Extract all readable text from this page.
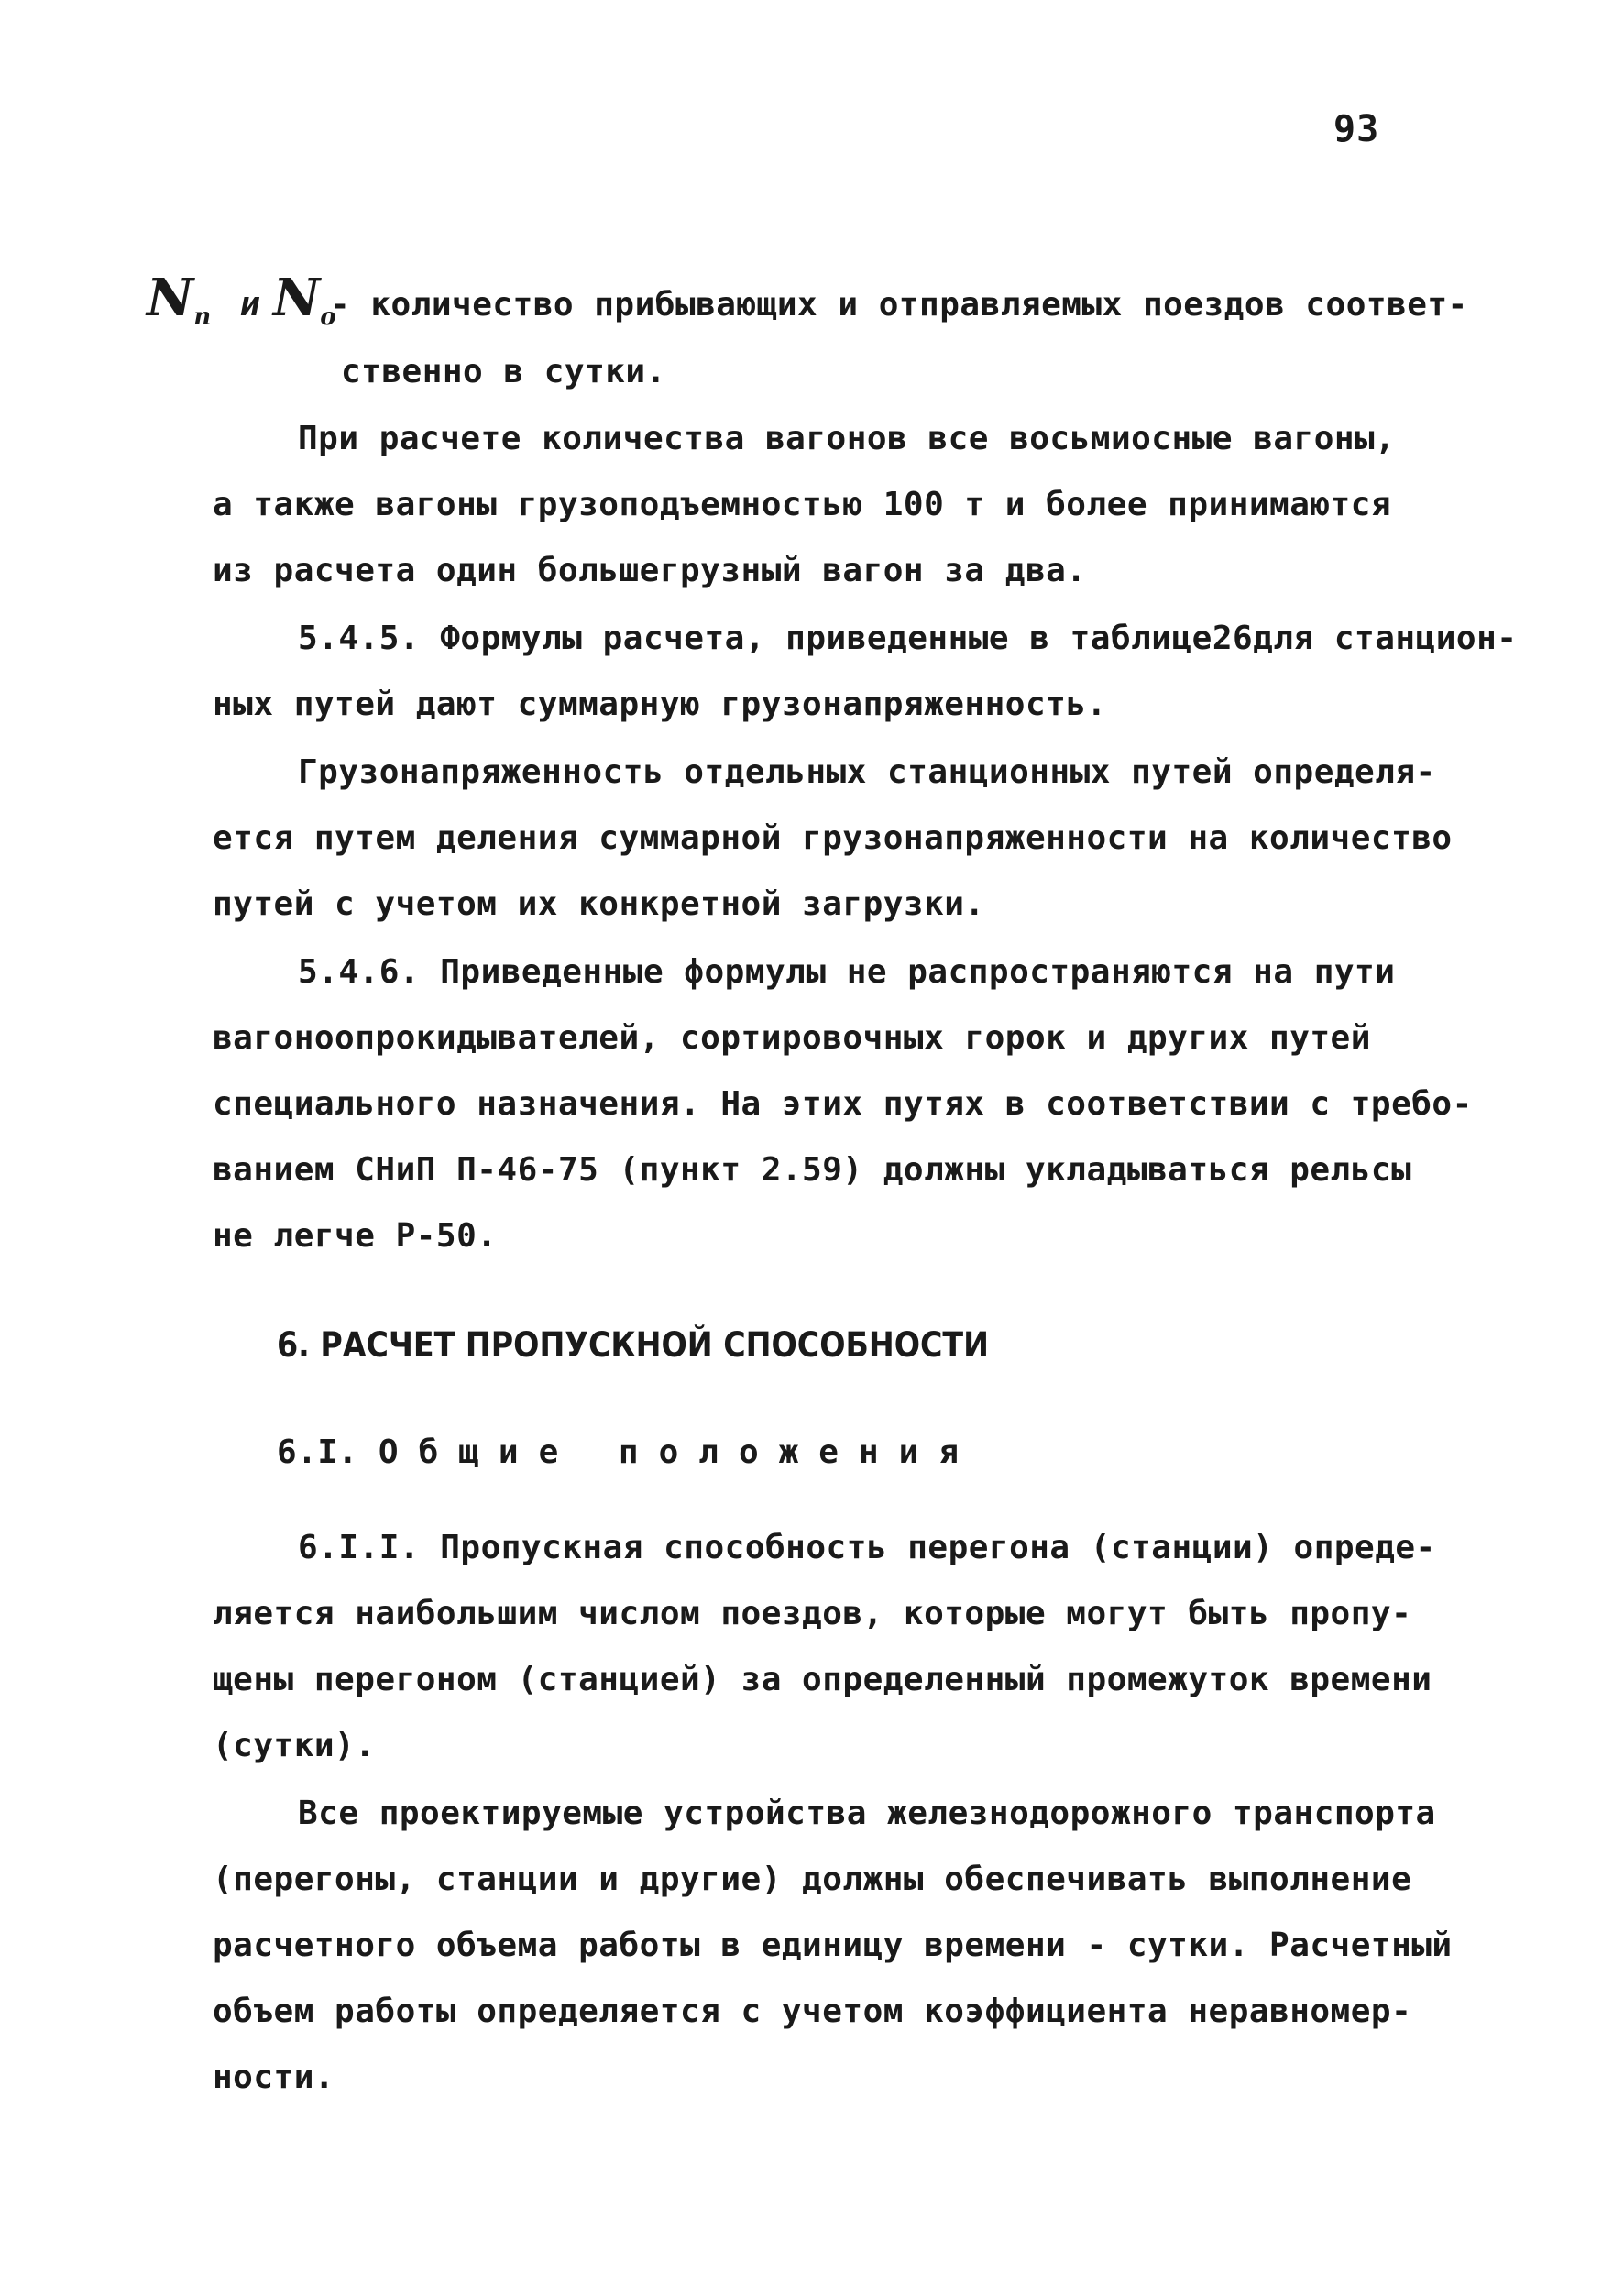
93
$N_п$ и $N_о$
- количество прибывающих и отправляемых поездов соответ-
ственно в сутки.
При расчете количества вагонов все восьмиосные вагоны,
а также вагоны грузоподъемностью 100 т и более принимаются
из расчета один большегрузный вагон за два.
5.4.5. Формулы расчета, приведенные в таблице26для станцион-
ных путей дают суммарную грузонапряженность.
Грузонапряженность отдельных станционных путей определя-
ется путем деления суммарной грузонапряженности на количество
путей с учетом их конкретной загрузки.
5.4.6. Приведенные формулы не распространяются на пути
вагоноопрокидывателей, сортировочных горок и других путей
специального назначения. На этих путях в соответствии с требо-
ванием СНиП П-46-75 (пункт 2.59) должны укладываться рельсы
не легче Р-50.
6. РАСЧЕТ ПРОПУСКНОЙ СПОСОБНОСТИ
6.I. Общие положения
6.I.I. Пропускная способность перегона (станции) опреде-
ляется наибольшим числом поездов, которые могут быть пропу-
щены перегоном (станцией) за определенный промежуток времени
(сутки).
Все проектируемые устройства железнодорожного транспорта
(перегоны, станции и другие) должны обеспечивать выполнение
расчетного объема работы в единицу времени - сутки. Расчетный
объем работы определяется с учетом коэффициента неравномер-
ности.
